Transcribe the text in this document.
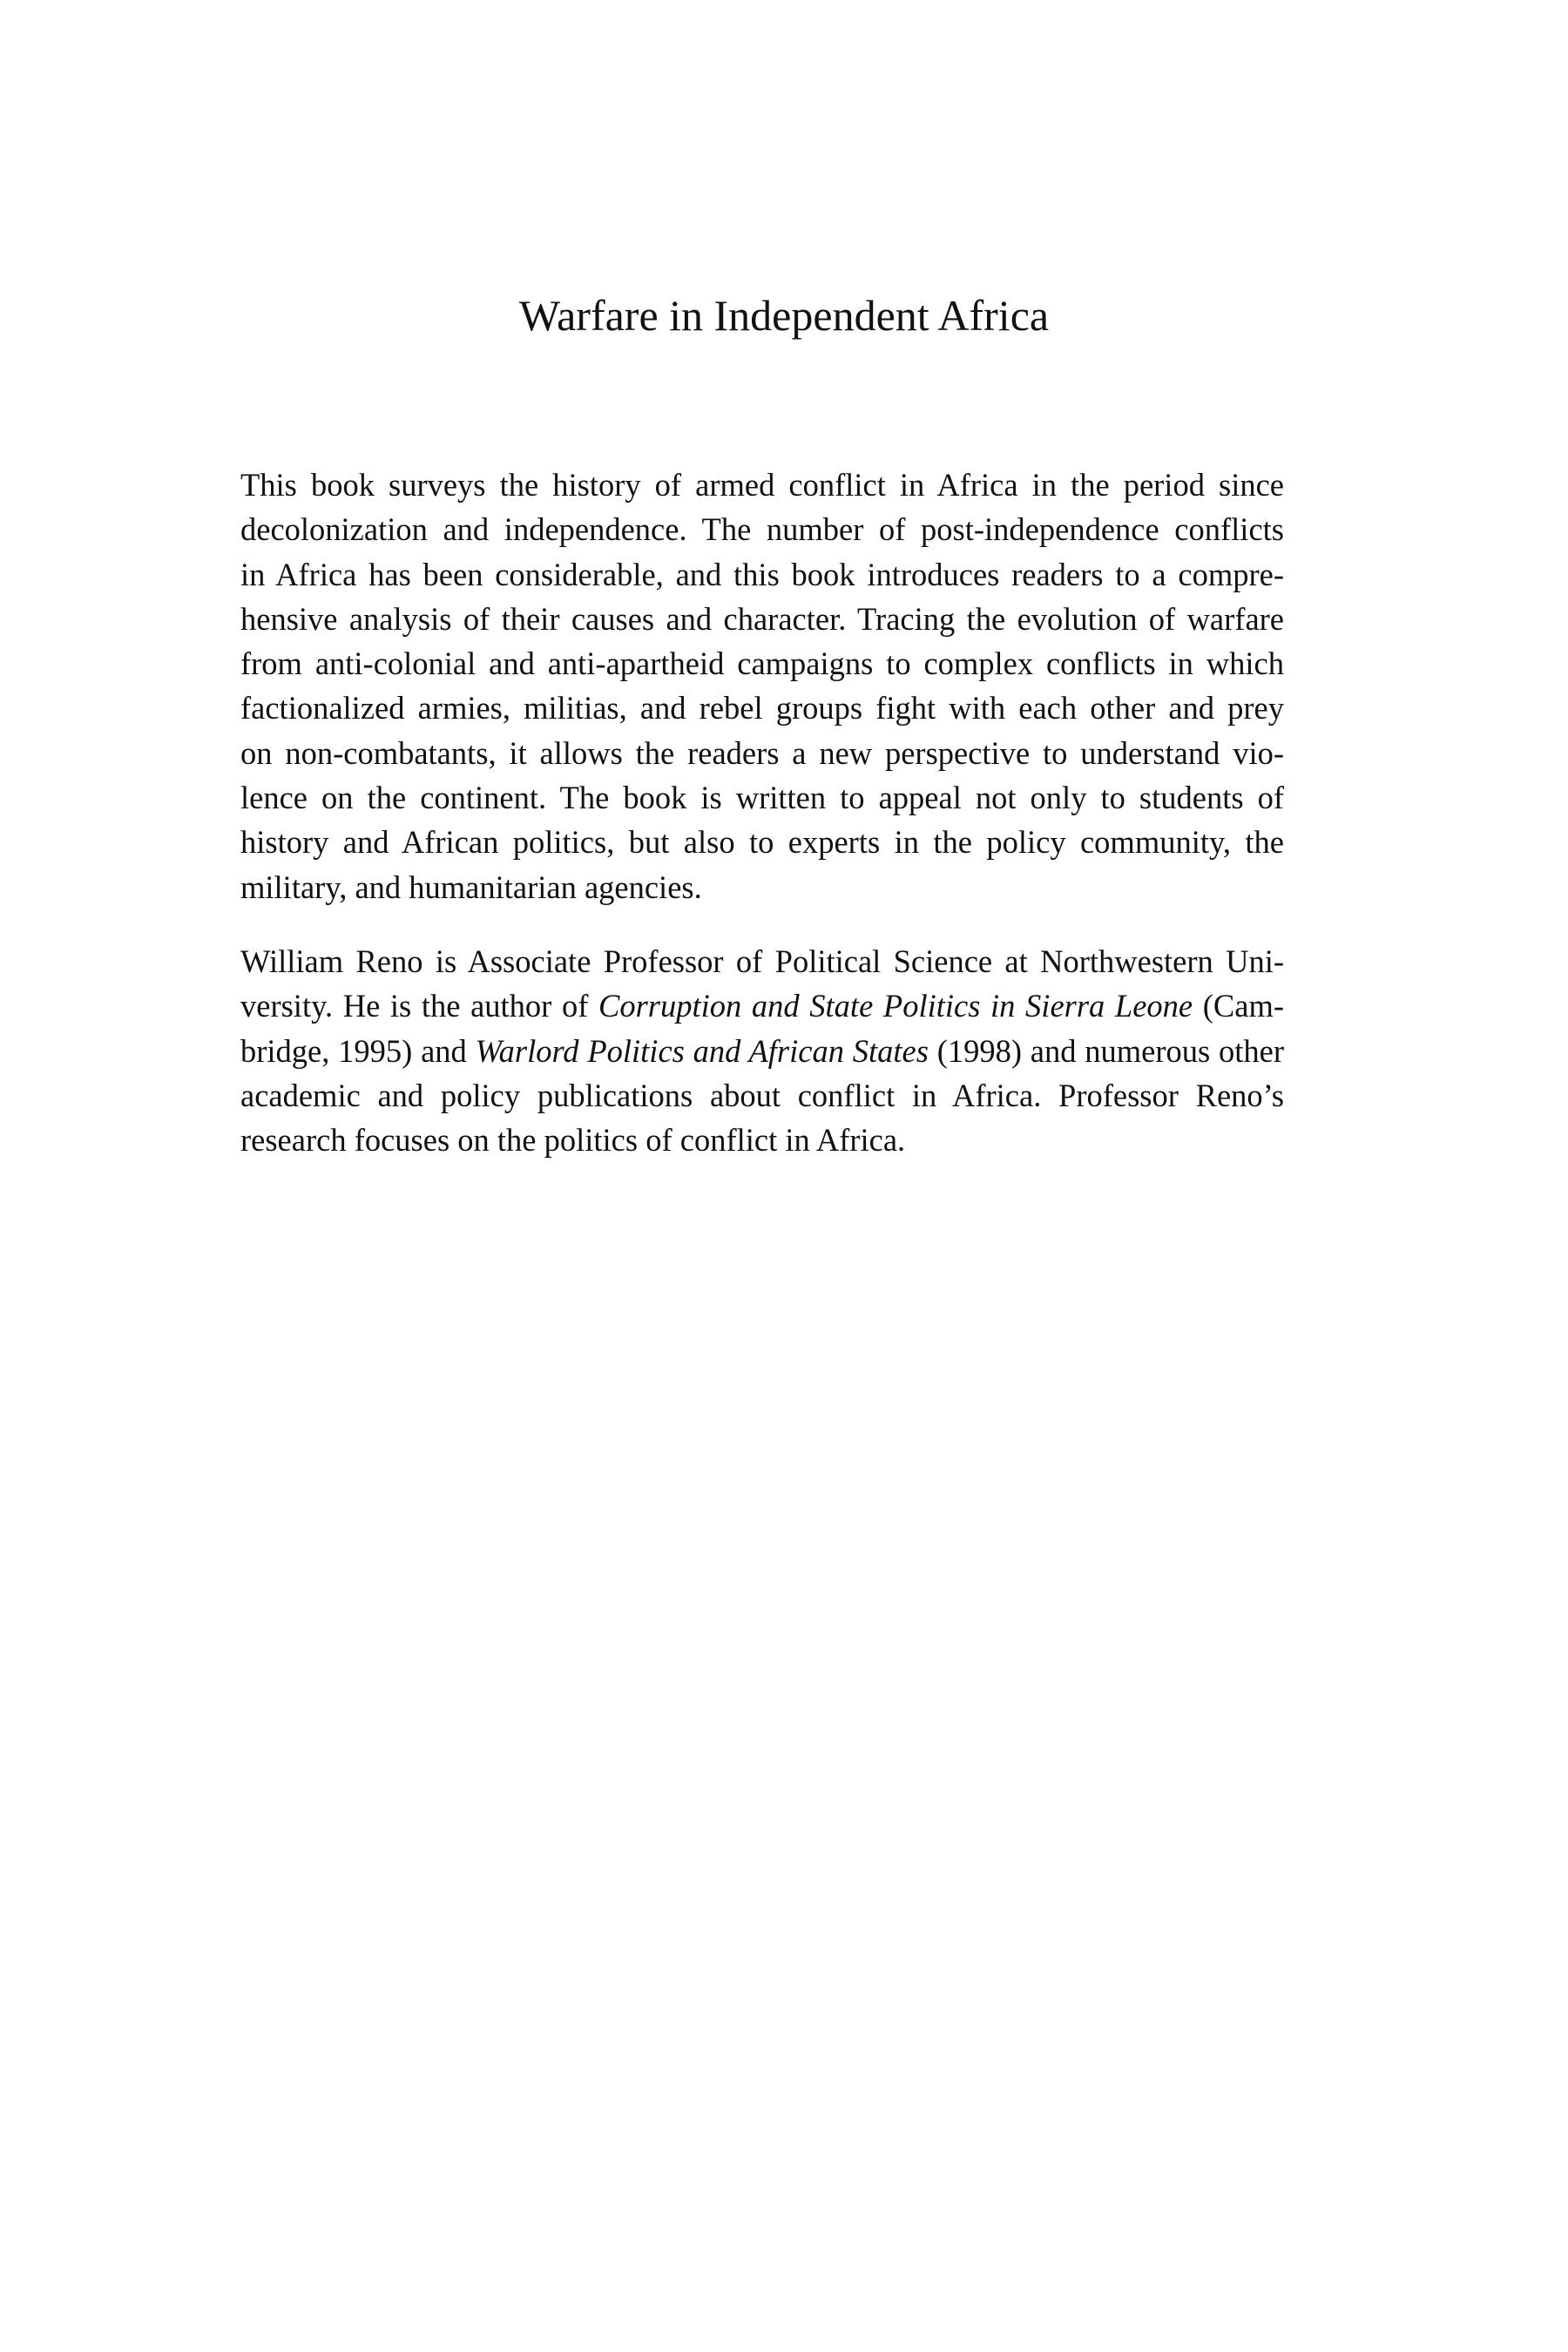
Warfare in Independent Africa
This book surveys the history of armed conflict in Africa in the period since
decolonization and independence. The number of post-independence conflicts
in Africa has been considerable, and this book introduces readers to a compre-
hensive analysis of their causes and character. Tracing the evolution of warfare
from anti-colonial and anti-apartheid campaigns to complex conflicts in which
factionalized armies, militias, and rebel groups fight with each other and prey
on non-combatants, it allows the readers a new perspective to understand vio-
lence on the continent. The book is written to appeal not only to students of
history and African politics, but also to experts in the policy community, the
military, and humanitarian agencies.
William Reno is Associate Professor of Political Science at Northwestern Uni-
versity. He is the author of Corruption and State Politics in Sierra Leone (Cam-
bridge, 1995) and Warlord Politics and African States (1998) and numerous other
academic and policy publications about conflict in Africa. Professor Reno’s
research focuses on the politics of conflict in Africa.
